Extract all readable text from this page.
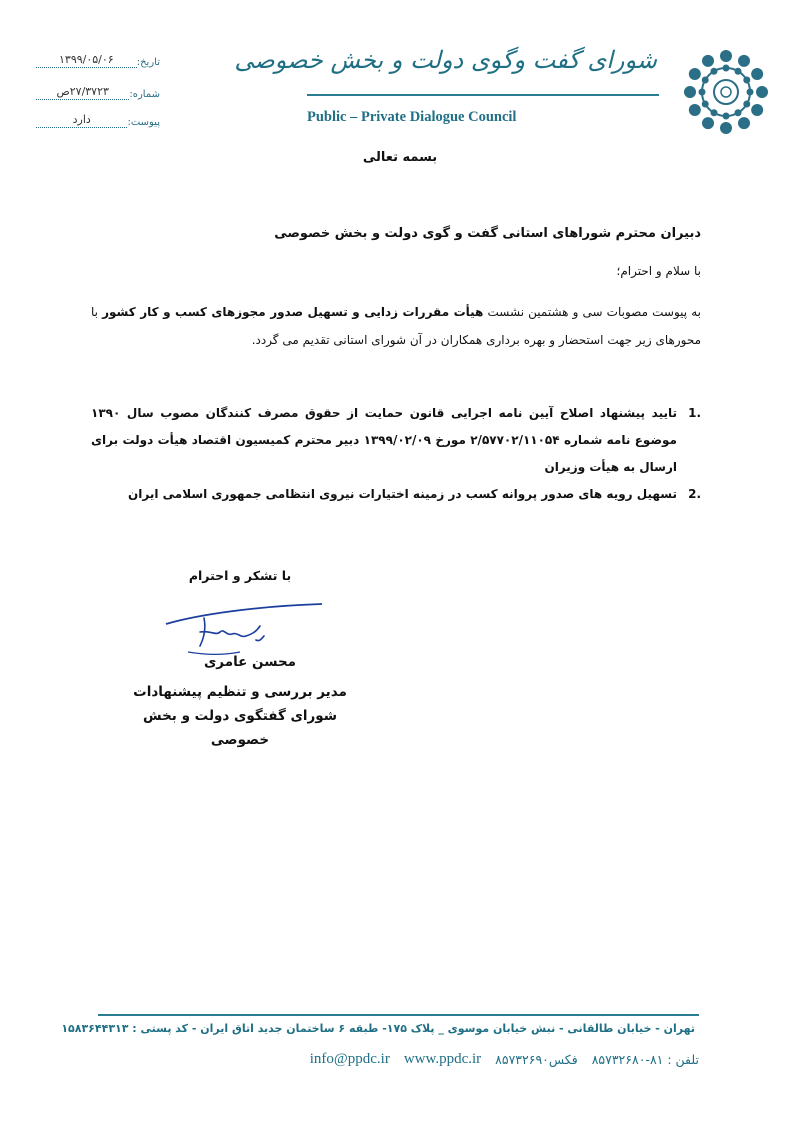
شورای گفت وگوی دولت و بخش خصوصی
Public – Private Dialogue Council
تاریخ:
۱۳۹۹/۰۵/۰۶
شماره:
۲۷/۳۷۲۳ص
پیوست:
دارد
بسمه تعالی
دبیران محترم شوراهای استانی گفت و گوی دولت و بخش خصوصی
با سلام و احترام؛
به پیوست مصوبات سی و هشتمین نشست هیأت مقررات زدایی و تسهیل صدور مجوزهای کسب و کار کشور با محورهای زیر جهت استحضار و بهره برداری همکاران در آن شورای استانی تقدیم می گردد.
.1
تایید پیشنهاد اصلاح آیین نامه اجرایی قانون حمایت از حقوق مصرف کنندگان مصوب سال ۱۳۹۰ موضوع نامه شماره ۲/۵۷۷۰۲/۱۱۰۵۴ مورخ ۱۳۹۹/۰۲/۰۹ دبیر محترم کمیسیون اقتصاد هیأت دولت برای ارسال به هیأت وزیران
.2
تسهیل رویه های صدور پروانه کسب در زمینه اختیارات نیروی انتظامی جمهوری اسلامی ایران
با تشکر و احترام
محسن عامری
مدیر بررسی و تنظیم پیشنهادات
شورای گفتگوی دولت و بخش خصوصی
تهران - خیابان طالقانی - نبش خیابان موسوی _ پلاک ۱۷۵- طبقه ۶ ساختمان جدید اتاق ایران - کد پستی : ۱۵۸۳۶۴۴۳۱۳
تلفن : ۸۱-۸۵۷۳۲۶۸۰
فکس۸۵۷۳۲۶۹۰
www.ppdc.ir
info@ppdc.ir
